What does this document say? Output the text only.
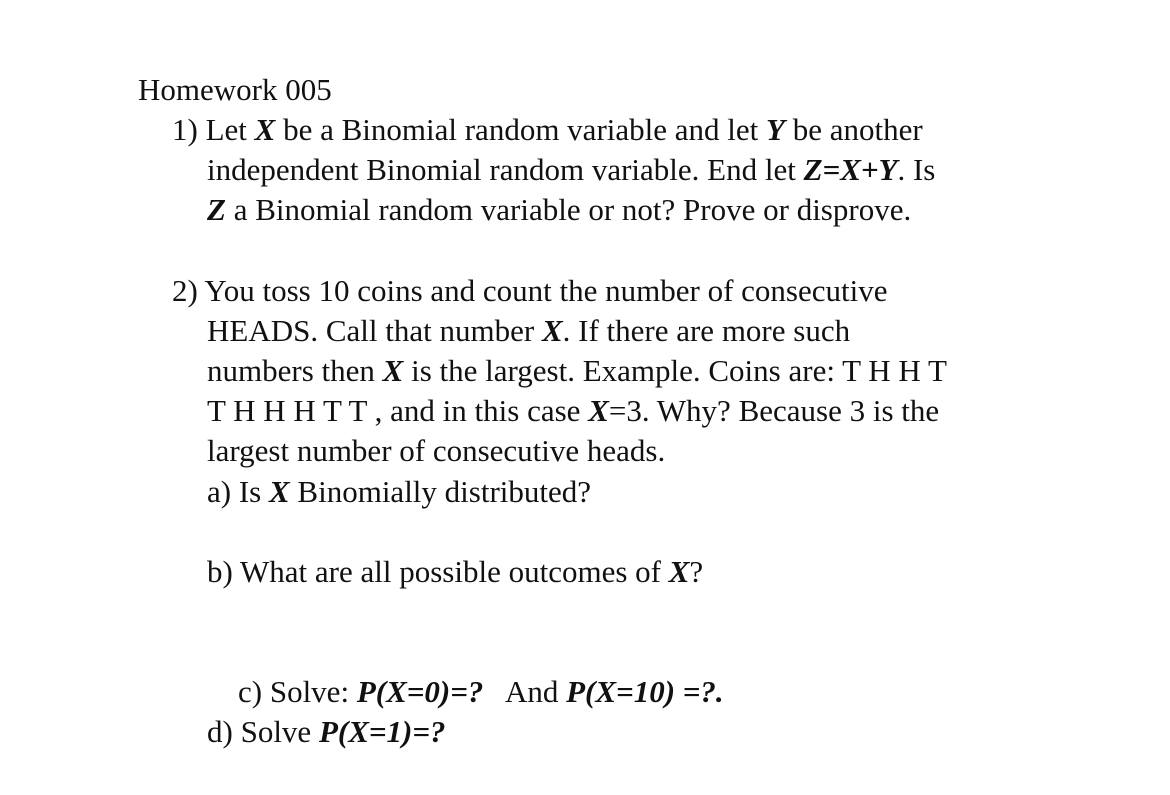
Homework 005
1) Let X be a Binomial random variable and let Y be another
independent Binomial random variable. End let Z=X+Y. Is
Z a Binomial random variable or not? Prove or disprove.
2) You toss 10 coins and count the number of consecutive
HEADS. Call that number X. If there are more such
numbers then X is the largest. Example. Coins are: T H H T
T H H H T T , and in this case X=3. Why? Because 3 is the
largest number of consecutive heads.
a) Is X Binomially distributed?
b) What are all possible outcomes of X?

c) Solve: P(X=0)=?   And P(X=10) =?.

d) Solve P(X=1)=?
